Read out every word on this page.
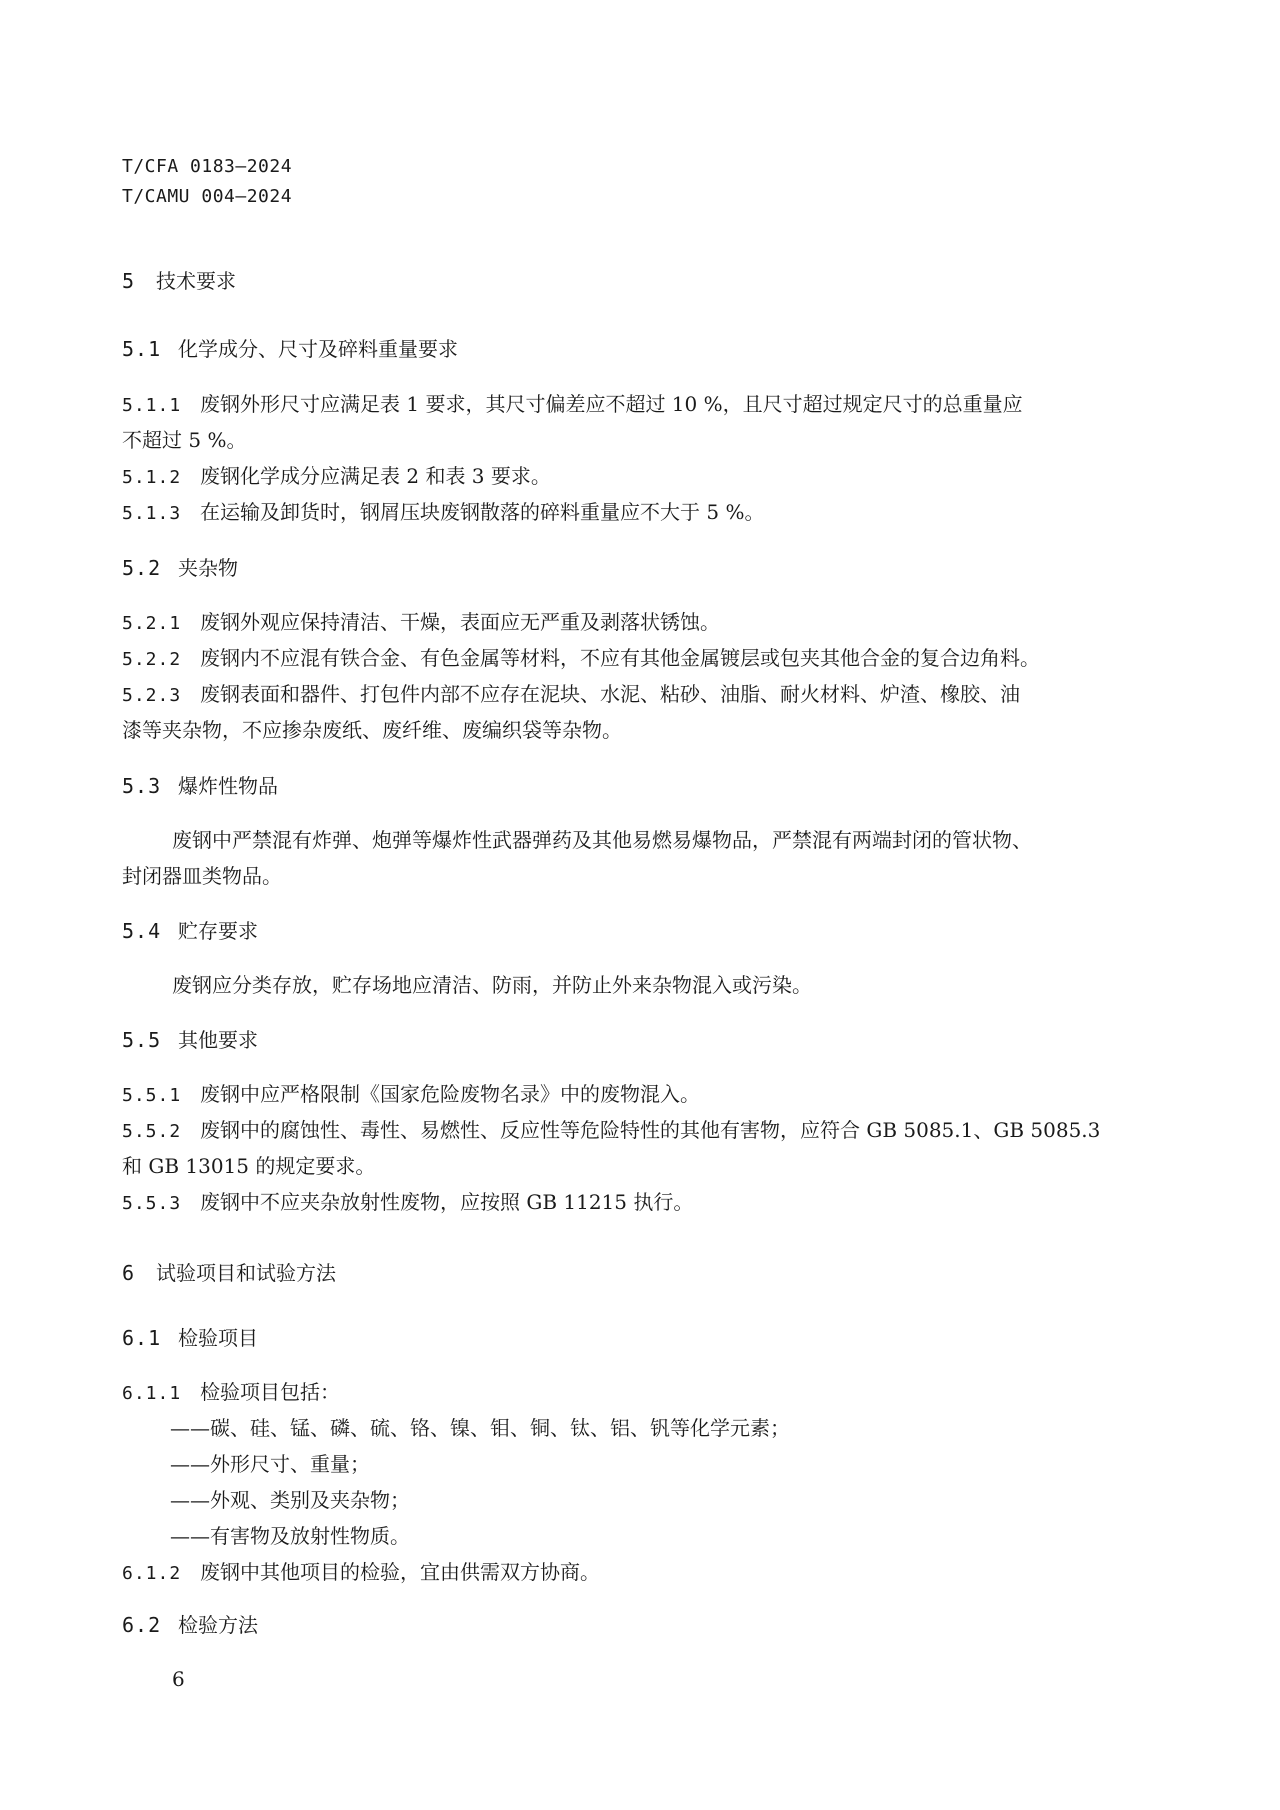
T/CFA 0183—2024
T/CAMU 004—2024
5 技术要求
5.1 化学成分、尺寸及碎料重量要求
5.1.1 废钢外形尺寸应满足表 1 要求，其尺寸偏差应不超过 10 %，且尺寸超过规定尺寸的总重量应
不超过 5 %。
5.1.2 废钢化学成分应满足表 2 和表 3 要求。
5.1.3 在运输及卸货时，钢屑压块废钢散落的碎料重量应不大于 5 %。
5.2 夹杂物
5.2.1 废钢外观应保持清洁、干燥，表面应无严重及剥落状锈蚀。
5.2.2 废钢内不应混有铁合金、有色金属等材料，不应有其他金属镀层或包夹其他合金的复合边角料。
5.2.3 废钢表面和器件、打包件内部不应存在泥块、水泥、粘砂、油脂、耐火材料、炉渣、橡胶、油
漆等夹杂物，不应掺杂废纸、废纤维、废编织袋等杂物。
5.3 爆炸性物品
废钢中严禁混有炸弹、炮弹等爆炸性武器弹药及其他易燃易爆物品，严禁混有两端封闭的管状物、
封闭器皿类物品。
5.4 贮存要求
废钢应分类存放，贮存场地应清洁、防雨，并防止外来杂物混入或污染。
5.5 其他要求
5.5.1 废钢中应严格限制《国家危险废物名录》中的废物混入。
5.5.2 废钢中的腐蚀性、毒性、易燃性、反应性等危险特性的其他有害物，应符合 GB 5085.1、GB 5085.3
和 GB 13015 的规定要求。
5.5.3 废钢中不应夹杂放射性废物，应按照 GB 11215 执行。
6 试验项目和试验方法
6.1 检验项目
6.1.1 检验项目包括：
——碳、硅、锰、磷、硫、铬、镍、钼、铜、钛、铝、钒等化学元素；
——外形尺寸、重量；
——外观、类别及夹杂物；
——有害物及放射性物质。
6.1.2 废钢中其他项目的检验，宜由供需双方协商。
6.2 检验方法
6
